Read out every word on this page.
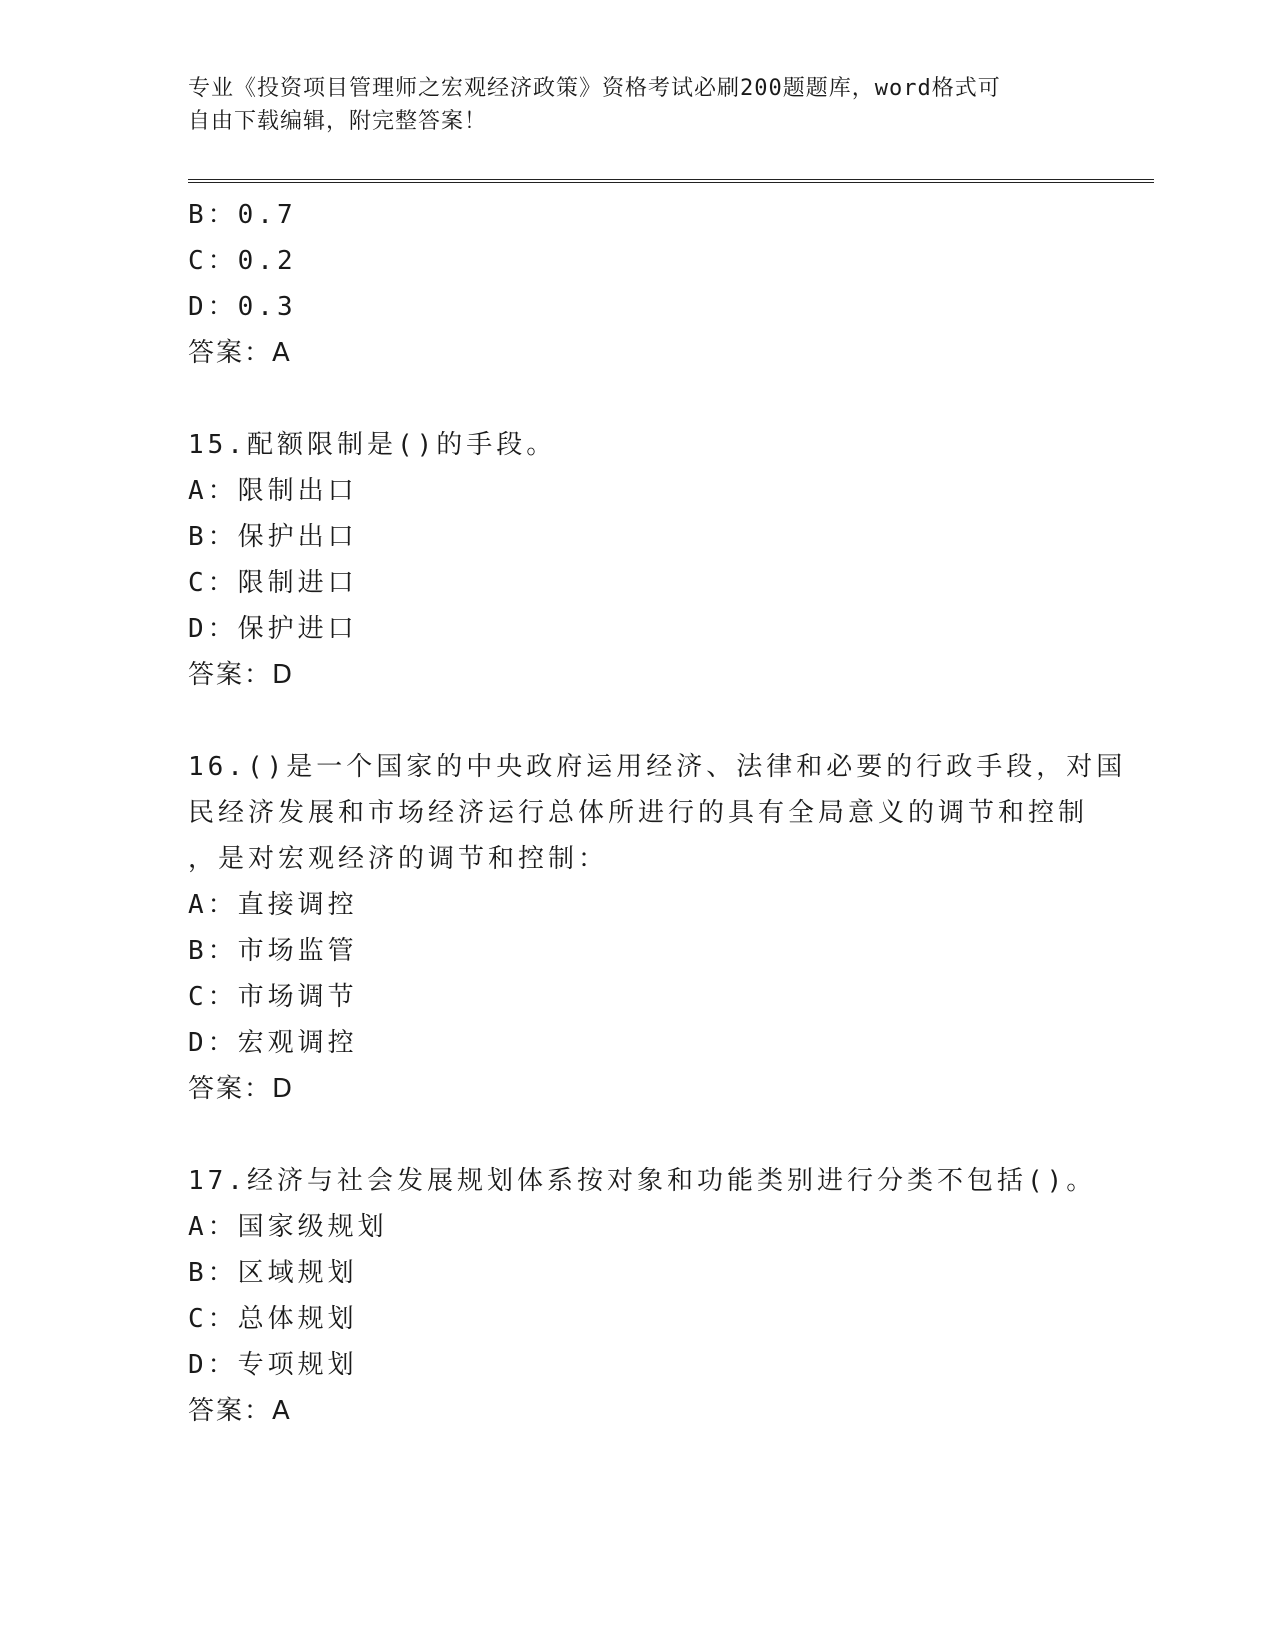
专业《投资项目管理师之宏观经济政策》资格考试必刷200题题库，word格式可
自由下载编辑，附完整答案！
B：0.7
C：0.2
D：0.3
答案：A
15.配额限制是()的手段。
A：限制出口
B：保护出口
C：限制进口
D：保护进口
答案：D
16.()是一个国家的中央政府运用经济、法律和必要的行政手段，对国
民经济发展和市场经济运行总体所进行的具有全局意义的调节和控制
，是对宏观经济的调节和控制：
A：直接调控
B：市场监管
C：市场调节
D：宏观调控
答案：D
17.经济与社会发展规划体系按对象和功能类别进行分类不包括()。
A：国家级规划
B：区域规划
C：总体规划
D：专项规划
答案：A
